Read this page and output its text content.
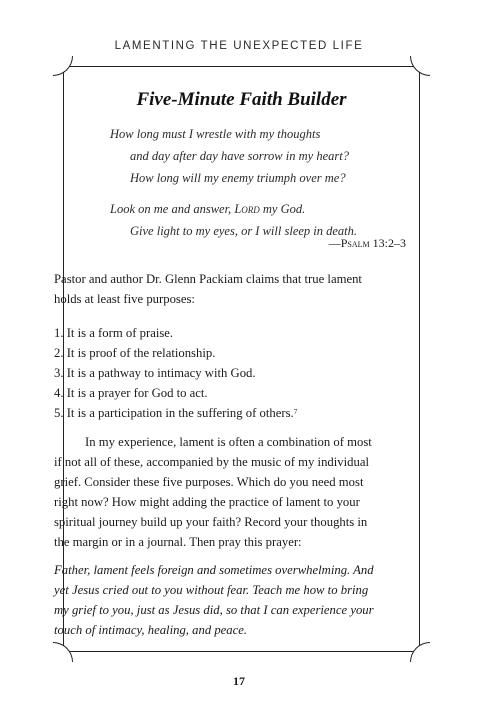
LAMENTING THE UNEXPECTED LIFE
Five-Minute Faith Builder
How long must I wrestle with my thoughts
and day after day have sorrow in my heart?
How long will my enemy triumph over me?
Look on me and answer, Lord my God.
Give light to my eyes, or I will sleep in death.
—Psalm 13:2–3
Pastor and author Dr. Glenn Packiam claims that true lament
holds at least five purposes:
1. It is a form of praise.
2. It is proof of the relationship.
3. It is a pathway to intimacy with God.
4. It is a prayer for God to act.
5. It is a participation in the suffering of others.$^7$
In my experience, lament is often a combination of most
if not all of these, accompanied by the music of my individual
grief. Consider these five purposes. Which do you need most
right now? How might adding the practice of lament to your
spiritual journey build up your faith? Record your thoughts in
the margin or in a journal. Then pray this prayer:
Father, lament feels foreign and sometimes overwhelming. And
yet Jesus cried out to you without fear. Teach me how to bring
my grief to you, just as Jesus did, so that I can experience your
touch of intimacy, healing, and peace.
17
